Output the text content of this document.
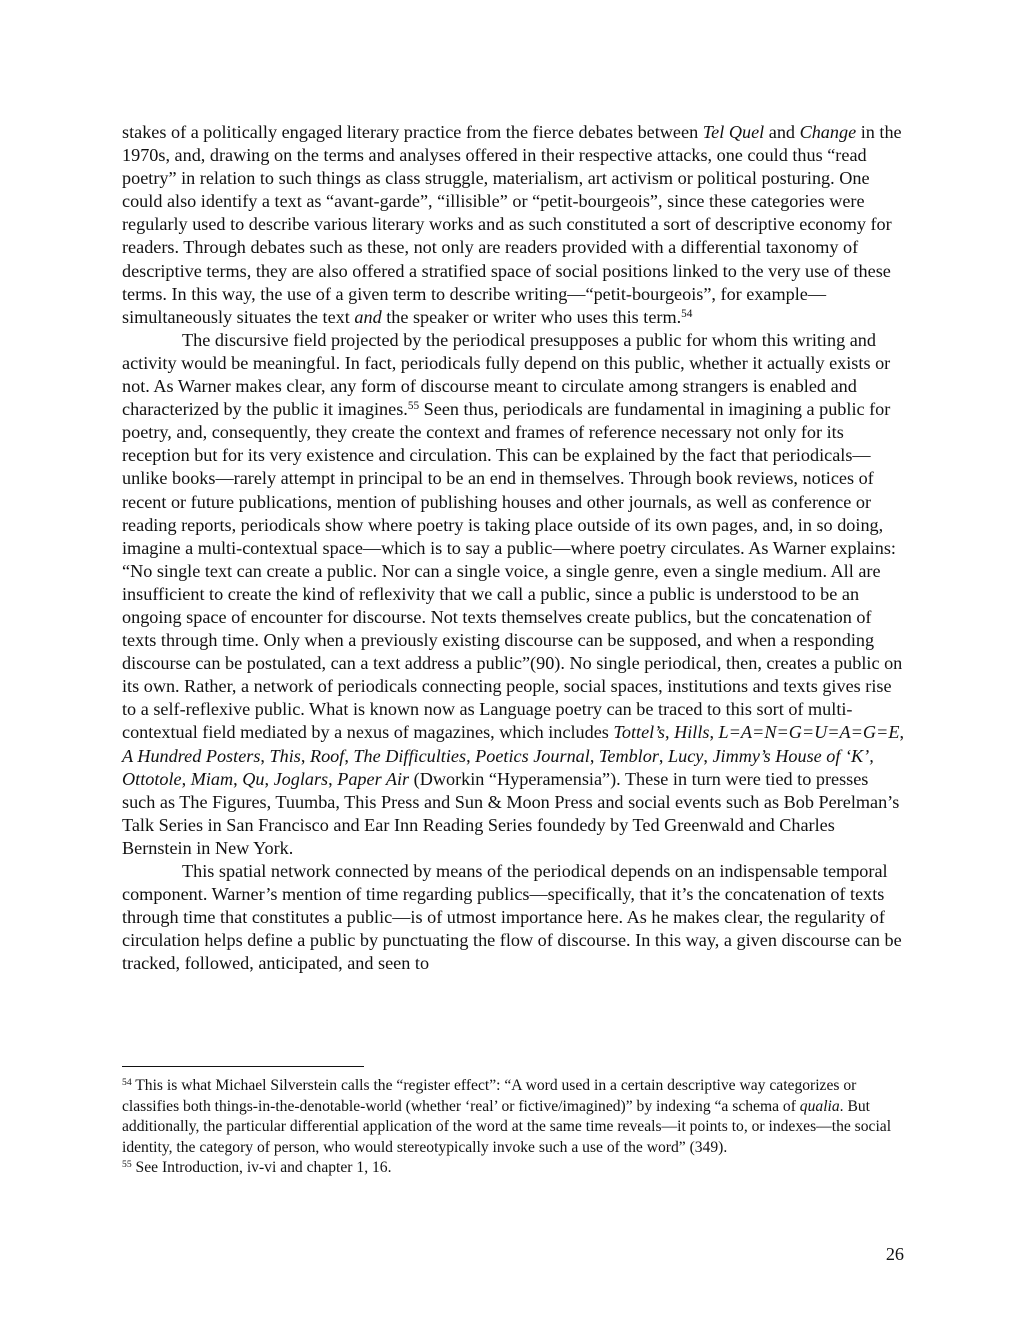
stakes of a politically engaged literary practice from the fierce debates between Tel Quel and Change in the 1970s, and, drawing on the terms and analyses offered in their respective attacks, one could thus “read poetry” in relation to such things as class struggle, materialism, art activism or political posturing. One could also identify a text as “avant-garde”, “illisible” or “petit-bourgeois”, since these categories were regularly used to describe various literary works and as such constituted a sort of descriptive economy for readers. Through debates such as these, not only are readers provided with a differential taxonomy of descriptive terms, they are also offered a stratified space of social positions linked to the very use of these terms. In this way, the use of a given term to describe writing—“petit-bourgeois”, for example—simultaneously situates the text and the speaker or writer who uses this term.$^{54}$

The discursive field projected by the periodical presupposes a public for whom this writing and activity would be meaningful. In fact, periodicals fully depend on this public, whether it actually exists or not. As Warner makes clear, any form of discourse meant to circulate among strangers is enabled and characterized by the public it imagines.$^{55}$ Seen thus, periodicals are fundamental in imagining a public for poetry, and, consequently, they create the context and frames of reference necessary not only for its reception but for its very existence and circulation. This can be explained by the fact that periodicals—unlike books—rarely attempt in principal to be an end in themselves. Through book reviews, notices of recent or future publications, mention of publishing houses and other journals, as well as conference or reading reports, periodicals show where poetry is taking place outside of its own pages, and, in so doing, imagine a multi-contextual space—which is to say a public—where poetry circulates. As Warner explains: “No single text can create a public. Nor can a single voice, a single genre, even a single medium. All are insufficient to create the kind of reflexivity that we call a public, since a public is understood to be an ongoing space of encounter for discourse. Not texts themselves create publics, but the concatenation of texts through time. Only when a previously existing discourse can be supposed, and when a responding discourse can be postulated, can a text address a public”(90). No single periodical, then, creates a public on its own. Rather, a network of periodicals connecting people, social spaces, institutions and texts gives rise to a self-reflexive public. What is known now as Language poetry can be traced to this sort of multi-contextual field mediated by a nexus of magazines, which includes Tottel’s, Hills, L=A=N=G=U=A=G=E, A Hundred Posters, This, Roof, The Difficulties, Poetics Journal, Temblor, Lucy, Jimmy’s House of ‘K’, Ottotole, Miam, Qu, Joglars, Paper Air (Dworkin “Hyperamensia”). These in turn were tied to presses such as The Figures, Tuumba, This Press and Sun & Moon Press and social events such as Bob Perelman’s Talk Series in San Francisco and Ear Inn Reading Series foundedy by Ted Greenwald and Charles Bernstein in New York.

This spatial network connected by means of the periodical depends on an indispensable temporal component. Warner’s mention of time regarding publics—specifically, that it’s the concatenation of texts through time that constitutes a public—is of utmost importance here. As he makes clear, the regularity of circulation helps define a public by punctuating the flow of discourse. In this way, a given discourse can be tracked, followed, anticipated, and seen to

$^{54}$ This is what Michael Silverstein calls the “register effect”: “A word used in a certain descriptive way categorizes or classifies both things-in-the-denotable-world (whether ‘real’ or fictive/imagined)” by indexing “a schema of qualia. But additionally, the particular differential application of the word at the same time reveals—it points to, or indexes—the social identity, the category of person, who would stereotypically invoke such a use of the word” (349).

$^{55}$ See Introduction, iv-vi and chapter 1, 16.

26
